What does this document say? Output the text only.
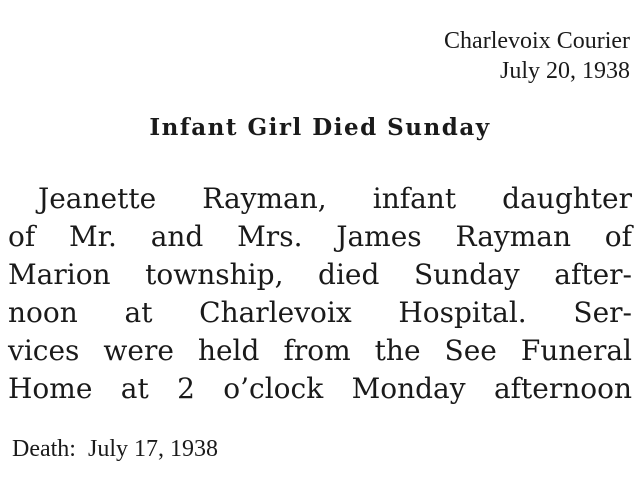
Charlevoix Courier
July 20, 1938
Infant Girl Died Sunday
Jeanette Rayman, infant daughter
of Mr. and Mrs. James Rayman of
Marion township, died Sunday after-
noon at Charlevoix Hospital. Ser-
vices were held from the See Funeral
Home at 2 o’clock Monday afternoon
Death:  July 17, 1938
